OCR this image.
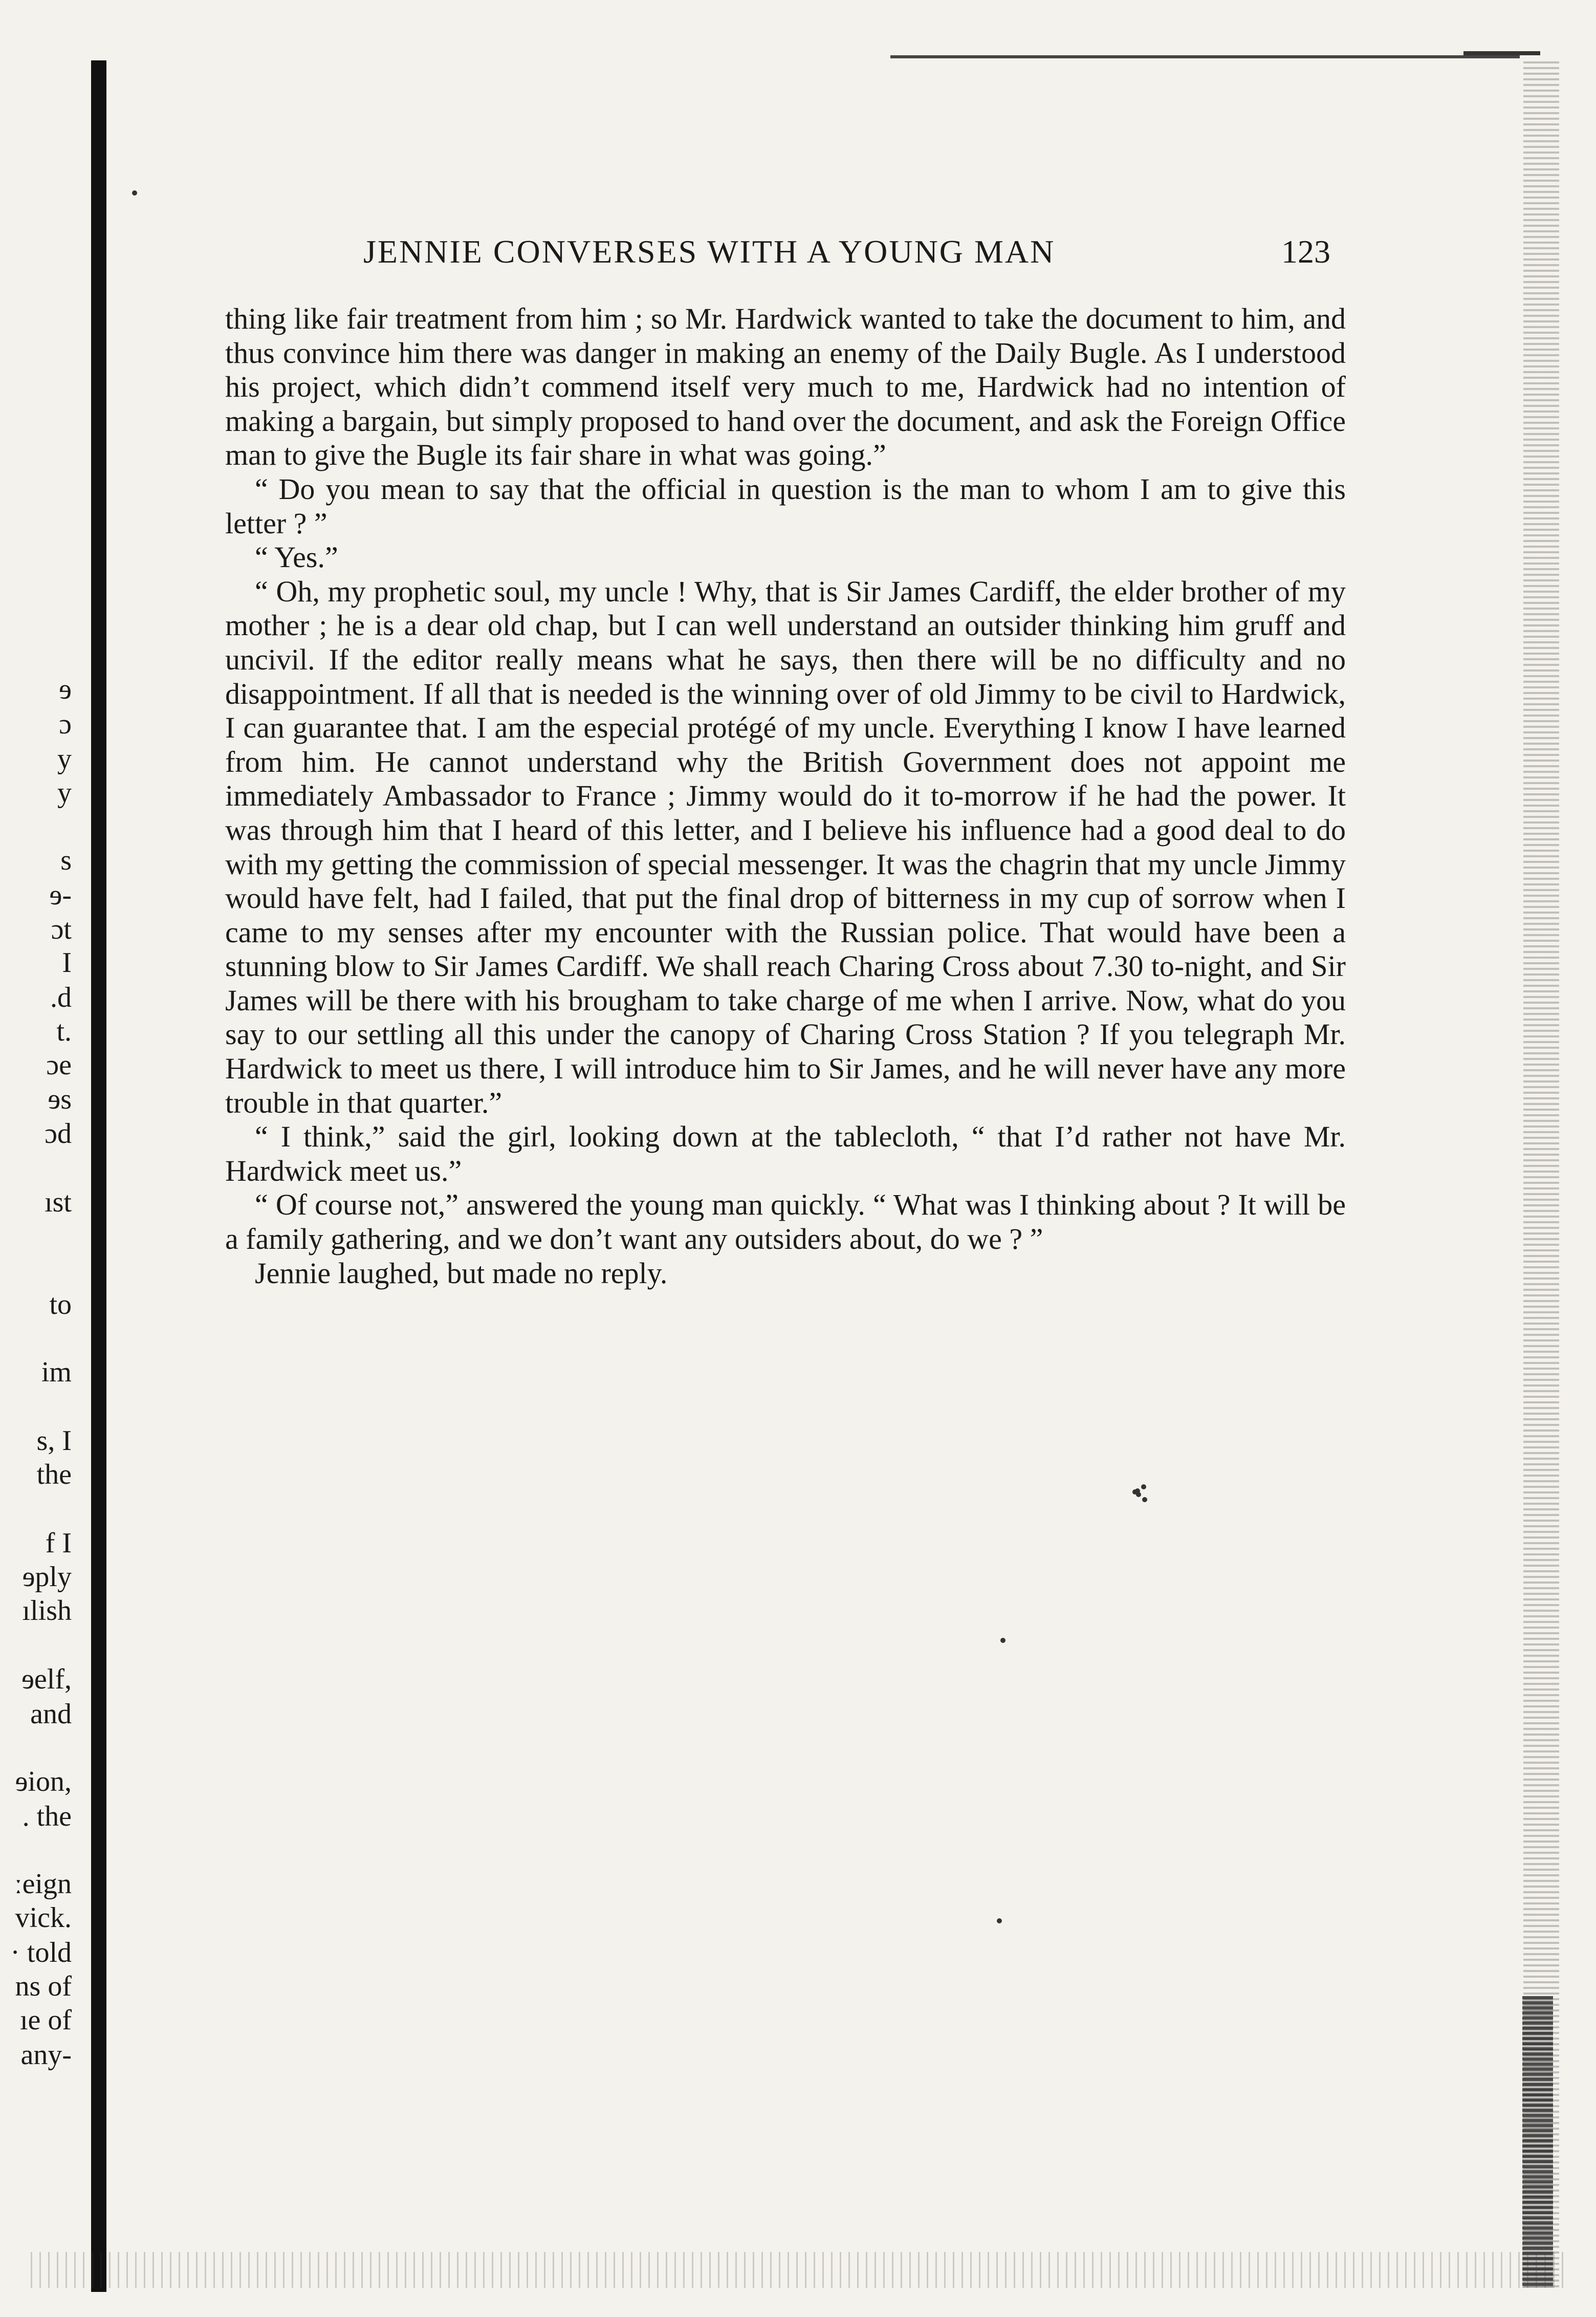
JENNIE CONVERSES WITH A YOUNG MAN	123
ɘ
ɔ
y
y
s
ɘ-
ɔt
I
.d
t.
ɔe
ɘs
ɔd
ıst
to
im
s, I
the
f I
ɘply
ılish
ɘelf,
and
ɘion,
. the
ːeign
vick.
· told
ns of
ıe of
any-

thing like fair treatment from him ; so Mr. Hardwick wanted to take the document to him, and thus convince him there was danger in making an enemy of the Daily Bugle. As I understood his project, which didn’t commend itself very much to me, Hardwick had no intention of making a bargain, but simply proposed to hand over the document, and ask the Foreign Office man to give the Bugle its fair share in what was going.”

“ Do you mean to say that the official in question is the man to whom I am to give this letter ? ”

“ Yes.”

“ Oh, my prophetic soul, my uncle ! Why, that is Sir James Cardiff, the elder brother of my mother ; he is a dear old chap, but I can well understand an outsider thinking him gruff and uncivil. If the editor really means what he says, then there will be no difficulty and no disappointment. If all that is needed is the winning over of old Jimmy to be civil to Hardwick, I can guarantee that. I am the especial protégé of my uncle. Everything I know I have learned from him. He cannot understand why the British Government does not appoint me immediately Ambassador to France ; Jimmy would do it to-morrow if he had the power. It was through him that I heard of this letter, and I believe his influence had a good deal to do with my getting the commission of special messenger. It was the chagrin that my uncle Jimmy would have felt, had I failed, that put the final drop of bitterness in my cup of sorrow when I came to my senses after my encounter with the Russian police. That would have been a stunning blow to Sir James Cardiff. We shall reach Charing Cross about 7.30 to-night, and Sir James will be there with his brougham to take charge of me when I arrive. Now, what do you say to our settling all this under the canopy of Charing Cross Station ? If you telegraph Mr. Hardwick to meet us there, I will introduce him to Sir James, and he will never have any more trouble in that quarter.”

“ I think,” said the girl, looking down at the tablecloth, “ that I’d rather not have Mr. Hardwick meet us.”

“ Of course not,” answered the young man quickly. “ What was I thinking about ? It will be a family gathering, and we don’t want any outsiders about, do we ? ”

Jennie laughed, but made no reply.
